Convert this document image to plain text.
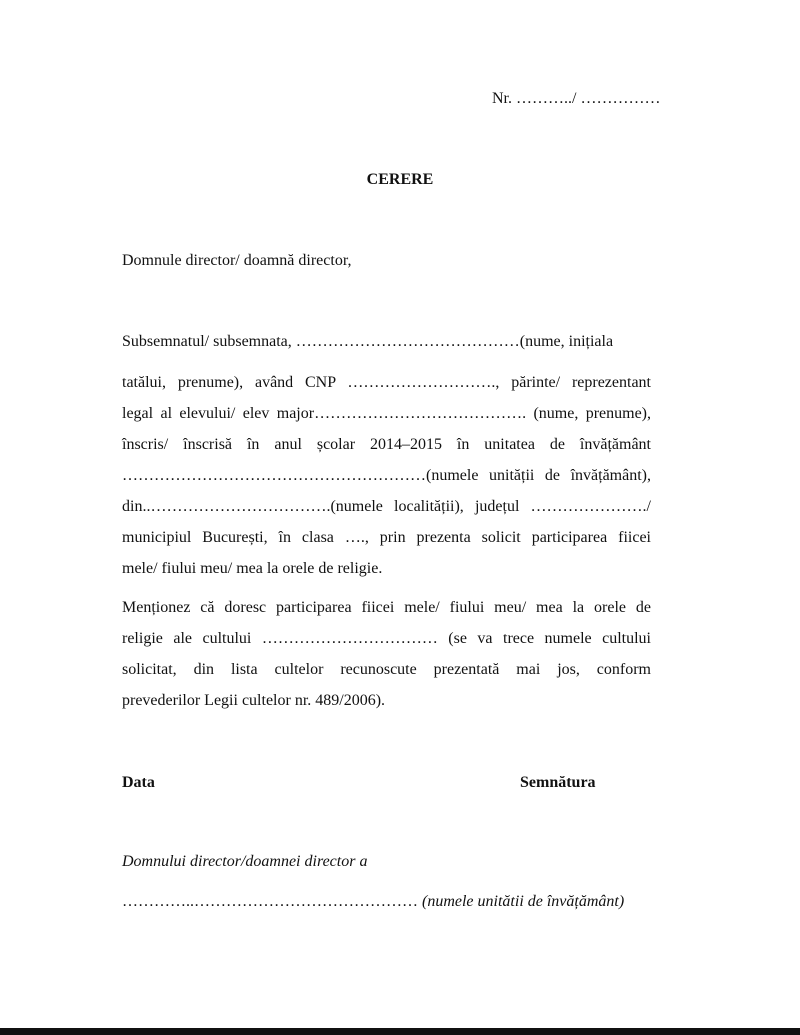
Nr. ………../ ……………
CERERE
Domnule director/ doamnă director,
Subsemnatul/ subsemnata, ……………………………………(nume, inițiala
tatălui, prenume), având CNP ………………………., părinte/ reprezentant
legal al elevului/ elev major…………………………………. (nume, prenume),
înscris/ înscrisă în anul școlar 2014–2015 în unitatea de învățământ
…………………………………………………(numele unității de învățământ),
din..…………………………….(numele localității), județul …………………./
municipiul București, în clasa …., prin prezenta solicit participarea fiicei
mele/ fiului meu/ mea la orele de religie.
Menționez că doresc participarea fiicei mele/ fiului meu/ mea la orele de
religie ale cultului …………………………… (se va trece numele cultului
solicitat, din lista cultelor recunoscute prezentată mai jos, conform
prevederilor Legii cultelor nr. 489/2006).
Data	Semnătura
Domnului director/doamnei director a
…………..…………………………………… (numele unitătii de învățământ)
